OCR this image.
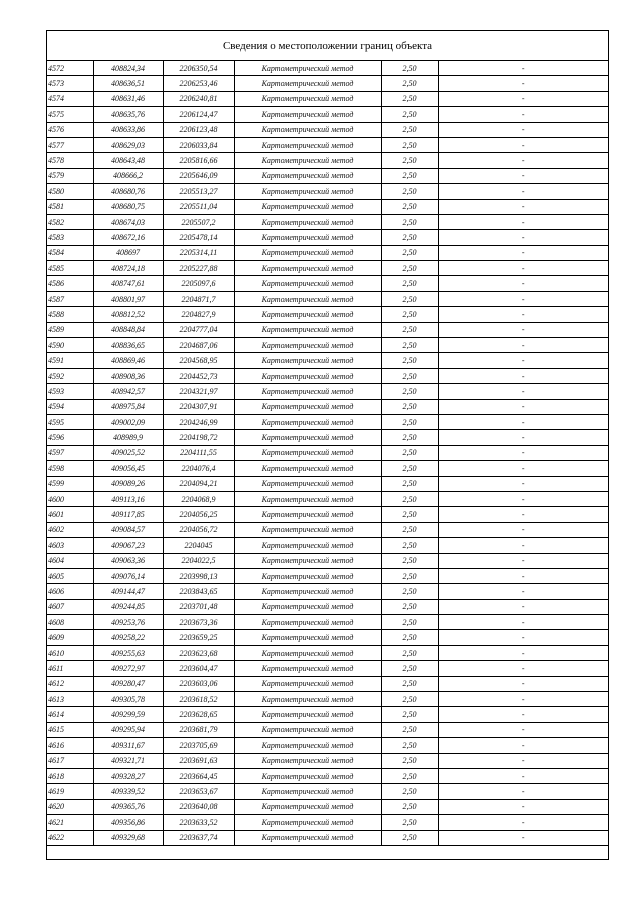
Сведения о местоположении границ объекта
4572	408824,34	2206350,54	Картометрический метод	2,50	-
4573	408636,51	2206253,46	Картометрический метод	2,50	-
4574	408631,46	2206240,81	Картометрический метод	2,50	-
4575	408635,76	2206124,47	Картометрический метод	2,50	-
4576	408633,86	2206123,48	Картометрический метод	2,50	-
4577	408629,03	2206033,84	Картометрический метод	2,50	-
4578	408643,48	2205816,66	Картометрический метод	2,50	-
4579	408666,2	2205646,09	Картометрический метод	2,50	-
4580	408680,76	2205513,27	Картометрический метод	2,50	-
4581	408680,75	2205511,04	Картометрический метод	2,50	-
4582	408674,03	2205507,2	Картометрический метод	2,50	-
4583	408672,16	2205478,14	Картометрический метод	2,50	-
4584	408697	2205314,11	Картометрический метод	2,50	-
4585	408724,18	2205227,88	Картометрический метод	2,50	-
4586	408747,61	2205097,6	Картометрический метод	2,50	-
4587	408801,97	2204871,7	Картометрический метод	2,50	-
4588	408812,52	2204827,9	Картометрический метод	2,50	-
4589	408848,84	2204777,04	Картометрический метод	2,50	-
4590	408836,65	2204687,06	Картометрический метод	2,50	-
4591	408869,46	2204568,95	Картометрический метод	2,50	-
4592	408908,36	2204452,73	Картометрический метод	2,50	-
4593	408942,57	2204321,97	Картометрический метод	2,50	-
4594	408975,84	2204307,91	Картометрический метод	2,50	-
4595	409002,09	2204246,99	Картометрический метод	2,50	-
4596	408989,9	2204198,72	Картометрический метод	2,50	-
4597	409025,52	2204111,55	Картометрический метод	2,50	-
4598	409056,45	2204076,4	Картометрический метод	2,50	-
4599	409089,26	2204094,21	Картометрический метод	2,50	-
4600	409113,16	2204068,9	Картометрический метод	2,50	-
4601	409117,85	2204056,25	Картометрический метод	2,50	-
4602	409084,57	2204056,72	Картометрический метод	2,50	-
4603	409067,23	2204045	Картометрический метод	2,50	-
4604	409063,36	2204022,5	Картометрический метод	2,50	-
4605	409076,14	2203998,13	Картометрический метод	2,50	-
4606	409144,47	2203843,65	Картометрический метод	2,50	-
4607	409244,85	2203701,48	Картометрический метод	2,50	-
4608	409253,76	2203673,36	Картометрический метод	2,50	-
4609	409258,22	2203659,25	Картометрический метод	2,50	-
4610	409255,63	2203623,68	Картометрический метод	2,50	-
4611	409272,97	2203604,47	Картометрический метод	2,50	-
4612	409280,47	2203603,06	Картометрический метод	2,50	-
4613	409305,78	2203618,52	Картометрический метод	2,50	-
4614	409299,59	2203628,65	Картометрический метод	2,50	-
4615	409295,94	2203681,79	Картометрический метод	2,50	-
4616	409311,67	2203705,69	Картометрический метод	2,50	-
4617	409321,71	2203691,63	Картометрический метод	2,50	-
4618	409328,27	2203664,45	Картометрический метод	2,50	-
4619	409339,52	2203653,67	Картометрический метод	2,50	-
4620	409365,76	2203640,08	Картометрический метод	2,50	-
4621	409356,86	2203633,52	Картометрический метод	2,50	-
4622	409329,68	2203637,74	Картометрический метод	2,50	-
